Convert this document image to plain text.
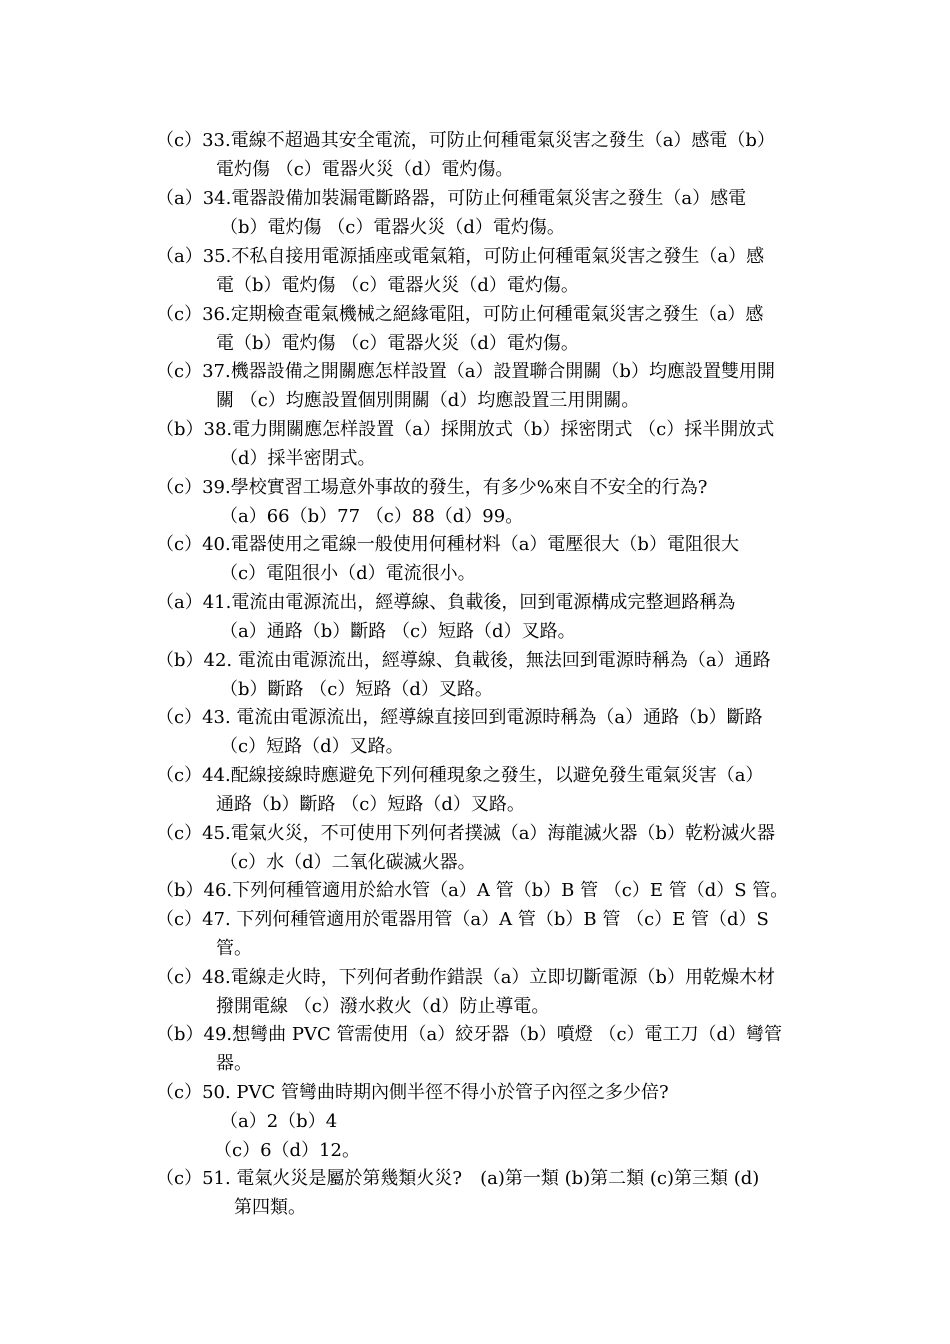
（c）33.電線不超過其安全電流，可防止何種電氣災害之發生（a）感電（b）
電灼傷 （c）電器火災（d）電灼傷。
（a）34.電器設備加裝漏電斷路器，可防止何種電氣災害之發生（a）感電
（b）電灼傷 （c）電器火災（d）電灼傷。
（a）35.不私自接用電源插座或電氣箱，可防止何種電氣災害之發生（a）感
電（b）電灼傷 （c）電器火災（d）電灼傷。
（c）36.定期檢查電氣機械之絕緣電阻，可防止何種電氣災害之發生（a）感
電（b）電灼傷 （c）電器火災（d）電灼傷。
（c）37.機器設備之開關應怎样設置（a）設置聯合開關（b）均應設置雙用開
關 （c）均應設置個別開關（d）均應設置三用開關。
（b）38.電力開關應怎样設置（a）採開放式（b）採密閉式 （c）採半開放式
（d）採半密閉式。
（c）39.學校實習工場意外事故的發生，有多少%來自不安全的行為?
（a）66（b）77 （c）88（d）99。
（c）40.電器使用之電線一般使用何種材料（a）電壓很大（b）電阻很大
（c）電阻很小（d）電流很小。
（a）41.電流由電源流出，經導線、負載後，回到電源構成完整迴路稱為
（a）通路（b）斷路 （c）短路（d）叉路。
（b）42. 電流由電源流出，經導線、負載後，無法回到電源時稱為（a）通路
（b）斷路 （c）短路（d）叉路。
（c）43. 電流由電源流出，經導線直接回到電源時稱為（a）通路（b）斷路
（c）短路（d）叉路。
（c）44.配線接線時應避免下列何種現象之發生，以避免發生電氣災害（a）
通路（b）斷路 （c）短路（d）叉路。
（c）45.電氣火災，不可使用下列何者撲滅（a）海龍滅火器（b）乾粉滅火器
（c）水（d）二氧化碳滅火器。
（b）46.下列何種管適用於給水管（a）A 管（b）B 管 （c）E 管（d）S 管。
（c）47. 下列何種管適用於電器用管（a）A 管（b）B 管 （c）E 管（d）S
管。
（c）48.電線走火時，下列何者動作錯誤（a）立即切斷電源（b）用乾燥木材
撥開電線 （c）潑水救火（d）防止導電。
（b）49.想彎曲 PVC 管需使用（a）絞牙器（b）噴燈 （c）電工刀（d）彎管
器。
（c）50. PVC 管彎曲時期內側半徑不得小於管子內徑之多少倍?
（a）2（b）4
（c）6（d）12。
（c）51. 電氣火災是屬於第幾類火災?　(a)第一類 (b)第二類 (c)第三類 (d)
第四類。
